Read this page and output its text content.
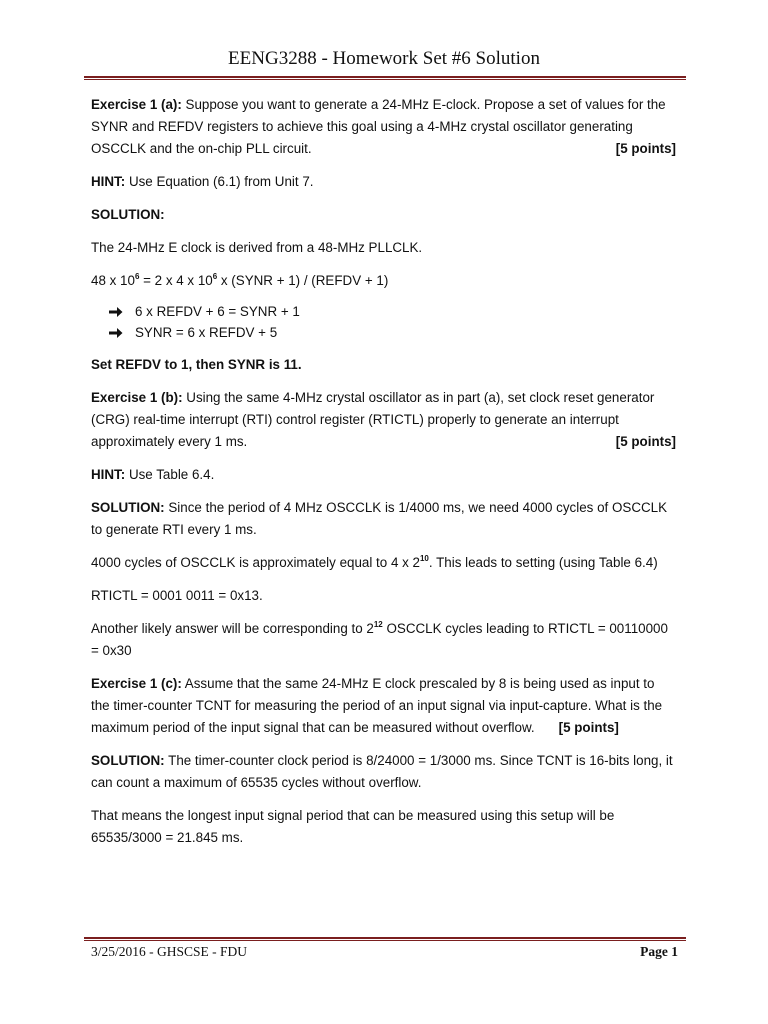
EENG3288 - Homework Set #6 Solution

Exercise 1 (a): Suppose you want to generate a 24-MHz E-clock. Propose a set of values for the SYNR and REFDV registers to achieve this goal using a 4-MHz crystal oscillator generating OSCCLK and the on-chip PLL circuit.	[5 points]

HINT: Use Equation (6.1) from Unit 7.

SOLUTION:

The 24-MHz E clock is derived from a 48-MHz PLLCLK.

48 x $10^6 = 2$ x 4 x $10^6$ x (SYNR + 1) / (REFDV + 1)

6 x REFDV + 6 = SYNR + 1
SYNR = 6 x REFDV + 5

Set REFDV to 1, then SYNR is 11.

Exercise 1 (b): Using the same 4-MHz crystal oscillator as in part (a), set clock reset generator (CRG) real-time interrupt (RTI) control register (RTICTL) properly to generate an interrupt approximately every 1 ms.	[5 points]

HINT: Use Table 6.4.

SOLUTION: Since the period of 4 MHz OSCCLK is 1/4000 ms, we need 4000 cycles of OSCCLK to generate RTI every 1 ms.

4000 cycles of OSCCLK is approximately equal to 4 x $2^{10}$. This leads to setting (using Table 6.4)

RTICTL = 0001 0011 = 0x13.

Another likely answer will be corresponding to $2^{12}$ OSCCLK cycles leading to RTICTL = 00110000 = 0x30

Exercise 1 (c): Assume that the same 24-MHz E clock prescaled by 8 is being used as input to the timer-counter TCNT for measuring the period of an input signal via input-capture. What is the maximum period of the input signal that can be measured without overflow. [5 points]

SOLUTION: The timer-counter clock period is 8/24000 = 1/3000 ms. Since TCNT is 16-bits long, it can count a maximum of 65535 cycles without overflow.

That means the longest input signal period that can be measured using this setup will be 65535/3000 = 21.845 ms.

3/25/2016 - GHSCSE - FDU	Page 1
